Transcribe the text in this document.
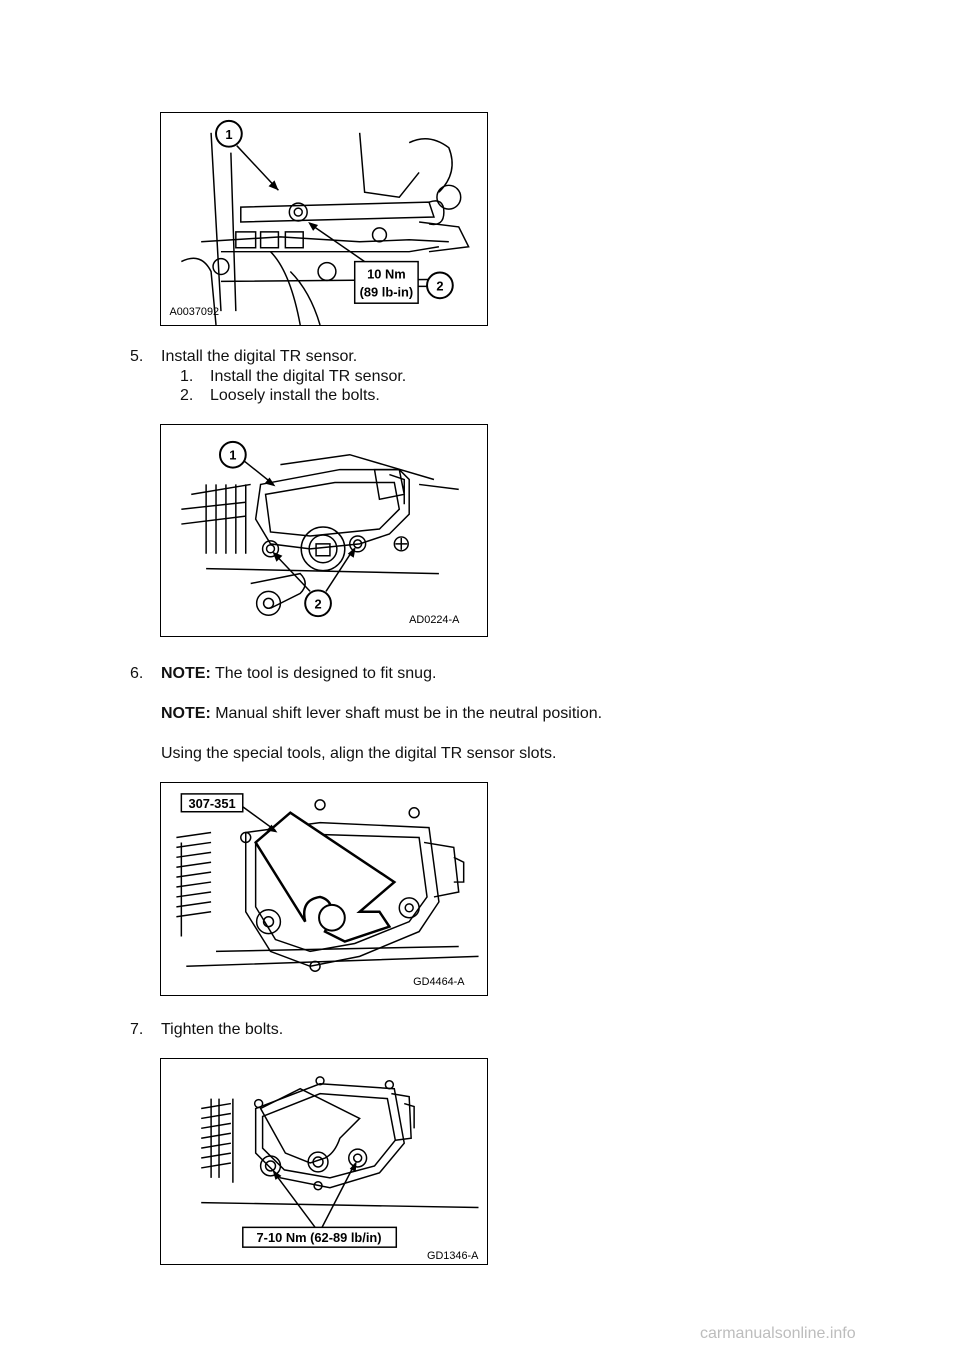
1
10 Nm
(89 lb-in) 2
A0037092
5. Install the digital TR sensor.
1. Install the digital TR sensor.
2. Loosely install the bolts.
1
2
AD0224-A
6. NOTE: The tool is designed to fit snug.
NOTE: Manual shift lever shaft must be in the neutral position.
Using the special tools, align the digital TR sensor slots.
307-351
GD4464-A
7. Tighten the bolts.
7-10 Nm (62-89 lb/in)
GD1346-A
carmanualsonline.info
